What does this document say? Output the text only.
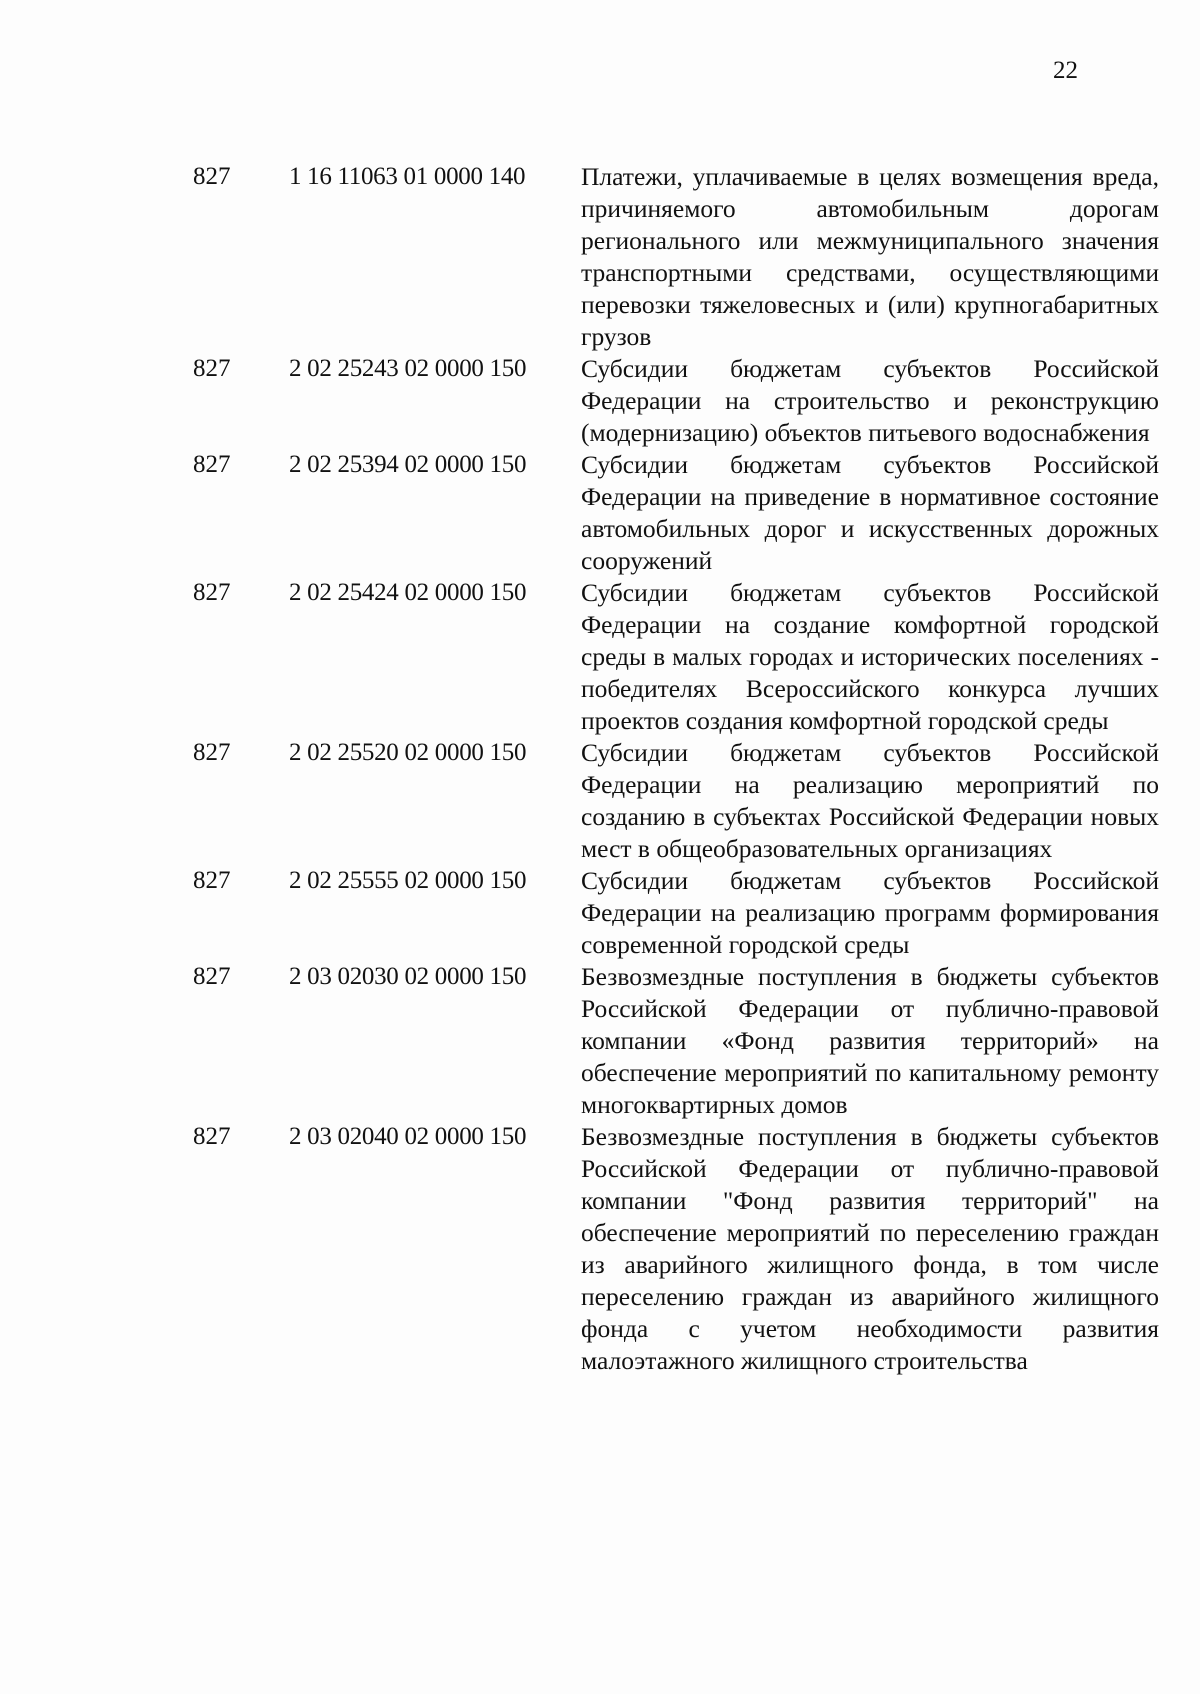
22
827 1 16 11063 01 0000 140 Платежи, уплачиваемые в целях возмещения вреда, причиняемого автомобильным дорогам регионального или межмуниципального значения транспортными средствами, осуществляющими перевозки тяжеловесных и (или) крупногабаритных грузов
827 2 02 25243 02 0000 150 Субсидии бюджетам субъектов Российской Федерации на строительство и реконструкцию (модернизацию) объектов питьевого водоснабжения
827 2 02 25394 02 0000 150 Субсидии бюджетам субъектов Российской Федерации на приведение в нормативное состояние автомобильных дорог и искусственных дорожных сооружений
827 2 02 25424 02 0000 150 Субсидии бюджетам субъектов Российской Федерации на создание комфортной городской среды в малых городах и исторических поселениях - победителях Всероссийского конкурса лучших проектов создания комфортной городской среды
827 2 02 25520 02 0000 150 Субсидии бюджетам субъектов Российской Федерации на реализацию мероприятий по созданию в субъектах Российской Федерации новых мест в общеобразовательных организациях
827 2 02 25555 02 0000 150 Субсидии бюджетам субъектов Российской Федерации на реализацию программ формирования современной городской среды
827 2 03 02030 02 0000 150 Безвозмездные поступления в бюджеты субъектов Российской Федерации от публично-правовой компании «Фонд развития территорий» на обеспечение мероприятий по капитальному ремонту многоквартирных домов
827 2 03 02040 02 0000 150 Безвозмездные поступления в бюджеты субъектов Российской Федерации от публично-правовой компании "Фонд развития территорий" на обеспечение мероприятий по переселению граждан из аварийного жилищного фонда, в том числе переселению граждан из аварийного жилищного фонда с учетом необходимости развития малоэтажного жилищного строительства
